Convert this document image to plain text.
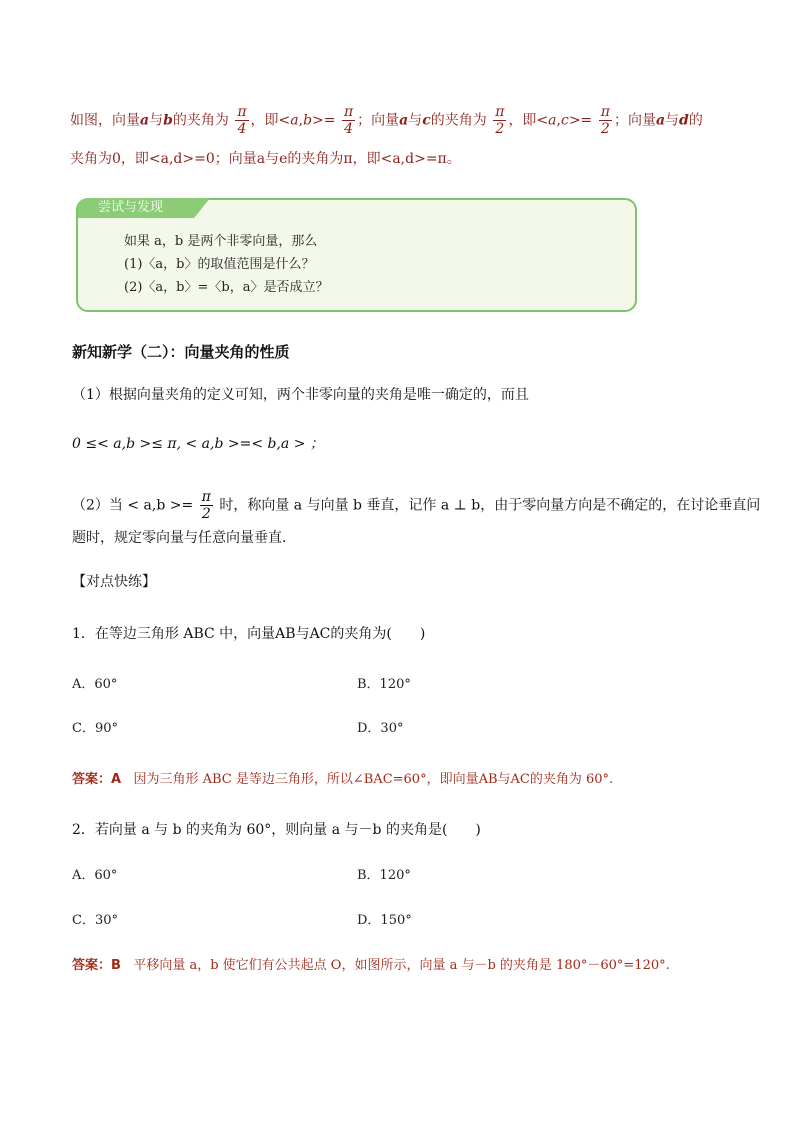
如图，向量a与b的夹角为 $\frac{\pi}{4}$ ，即$<a,b>= \frac{\pi}{4}$ ；向量a与c的夹角为 $\frac{\pi}{2}$ ，即$<a,c>= \frac{\pi}{2}$ ；向量a与d的
夹角为0，即<a,d>=0；向量a与e的夹角为π，即<a,d>=π。
尝试与发现
如果 a，b 是两个非零向量，那么
(1)〈a，b〉的取值范围是什么？
(2)〈a，b〉=〈b，a〉是否成立？
新知新学（二）：向量夹角的性质
（1）根据向量夹角的定义可知，两个非零向量的夹角是唯一确定的，而且
0 ≤< a,b >≤ π, < a,b >=< b,a > ；
（2）当 < $a,b >= \frac{\pi}{2}$ 时，称向量 a 与向量 b 垂直，记作 a ⊥ b，由于零向量方向是不确定的，在讨论垂直问
题时，规定零向量与任意向量垂直．
【对点快练】
1．在等边三角形 ABC 中，向量AB与AC的夹角为(　　)
A．60°	B．120°
C．90°	D．30°
答案：A 因为三角形 ABC 是等边三角形，所以∠BAC=60°，即向量AB与AC的夹角为 60°.
2．若向量 a 与 b 的夹角为 60°，则向量 a 与－b 的夹角是(　　)
A．60°	B．120°
C．30°	D．150°
答案：B 平移向量 a，b 使它们有公共起点 O，如图所示，向量 a 与－b 的夹角是 180°－60°=120°.
